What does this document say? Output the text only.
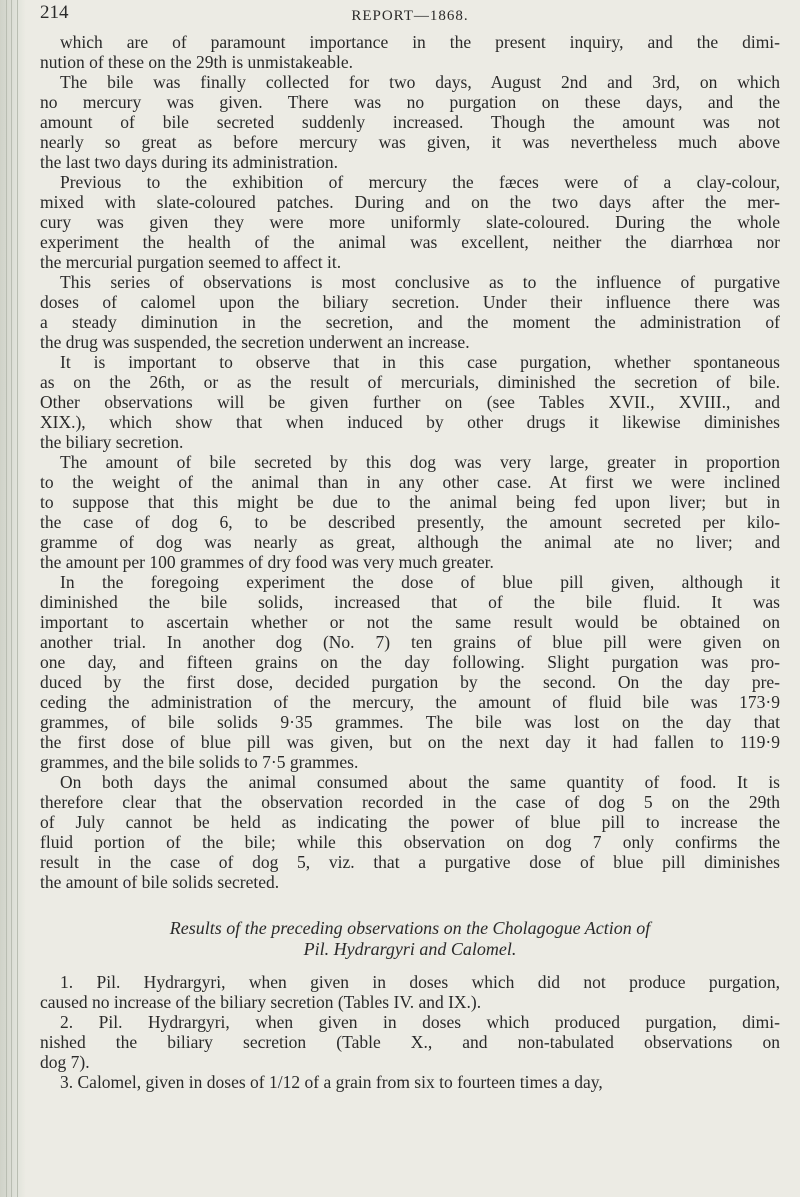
214	REPORT—1868.

which are of paramount importance in the present inquiry, and the dimi-
nution of these on the 29th is unmistakeable.

The bile was finally collected for two days, August 2nd and 3rd, on which
no mercury was given. There was no purgation on these days, and the
amount of bile secreted suddenly increased. Though the amount was not
nearly so great as before mercury was given, it was nevertheless much above
the last two days during its administration.

Previous to the exhibition of mercury the fæces were of a clay-colour,
mixed with slate-coloured patches. During and on the two days after the mer-
cury was given they were more uniformly slate-coloured. During the whole
experiment the health of the animal was excellent, neither the diarrhœa nor
the mercurial purgation seemed to affect it.

This series of observations is most conclusive as to the influence of purgative
doses of calomel upon the biliary secretion. Under their influence there was
a steady diminution in the secretion, and the moment the administration of
the drug was suspended, the secretion underwent an increase.

It is important to observe that in this case purgation, whether spontaneous
as on the 26th, or as the result of mercurials, diminished the secretion of bile.
Other observations will be given further on (see Tables XVII., XVIII., and
XIX.), which show that when induced by other drugs it likewise diminishes
the biliary secretion.

The amount of bile secreted by this dog was very large, greater in proportion
to the weight of the animal than in any other case. At first we were inclined
to suppose that this might be due to the animal being fed upon liver; but in
the case of dog 6, to be described presently, the amount secreted per kilo-
gramme of dog was nearly as great, although the animal ate no liver; and
the amount per 100 grammes of dry food was very much greater.

In the foregoing experiment the dose of blue pill given, although it
diminished the bile solids, increased that of the bile fluid. It was
important to ascertain whether or not the same result would be obtained on
another trial. In another dog (No. 7) ten grains of blue pill were given on
one day, and fifteen grains on the day following. Slight purgation was pro-
duced by the first dose, decided purgation by the second. On the day pre-
ceding the administration of the mercury, the amount of fluid bile was 173·9
grammes, of bile solids 9·35 grammes. The bile was lost on the day that
the first dose of blue pill was given, but on the next day it had fallen to 119·9
grammes, and the bile solids to 7·5 grammes.

On both days the animal consumed about the same quantity of food. It is
therefore clear that the observation recorded in the case of dog 5 on the 29th
of July cannot be held as indicating the power of blue pill to increase the
fluid portion of the bile; while this observation on dog 7 only confirms the
result in the case of dog 5, viz. that a purgative dose of blue pill diminishes
the amount of bile solids secreted.

Results of the preceding observations on the Cholagogue Action of
Pil. Hydrargyri and Calomel.

1. Pil. Hydrargyri, when given in doses which did not produce purgation,
caused no increase of the biliary secretion (Tables IV. and IX.).

2. Pil. Hydrargyri, when given in doses which produced purgation, dimi-
nished the biliary secretion (Table X., and non-tabulated observations on
dog 7).

3. Calomel, given in doses of 1/12 of a grain from six to fourteen times a day,
